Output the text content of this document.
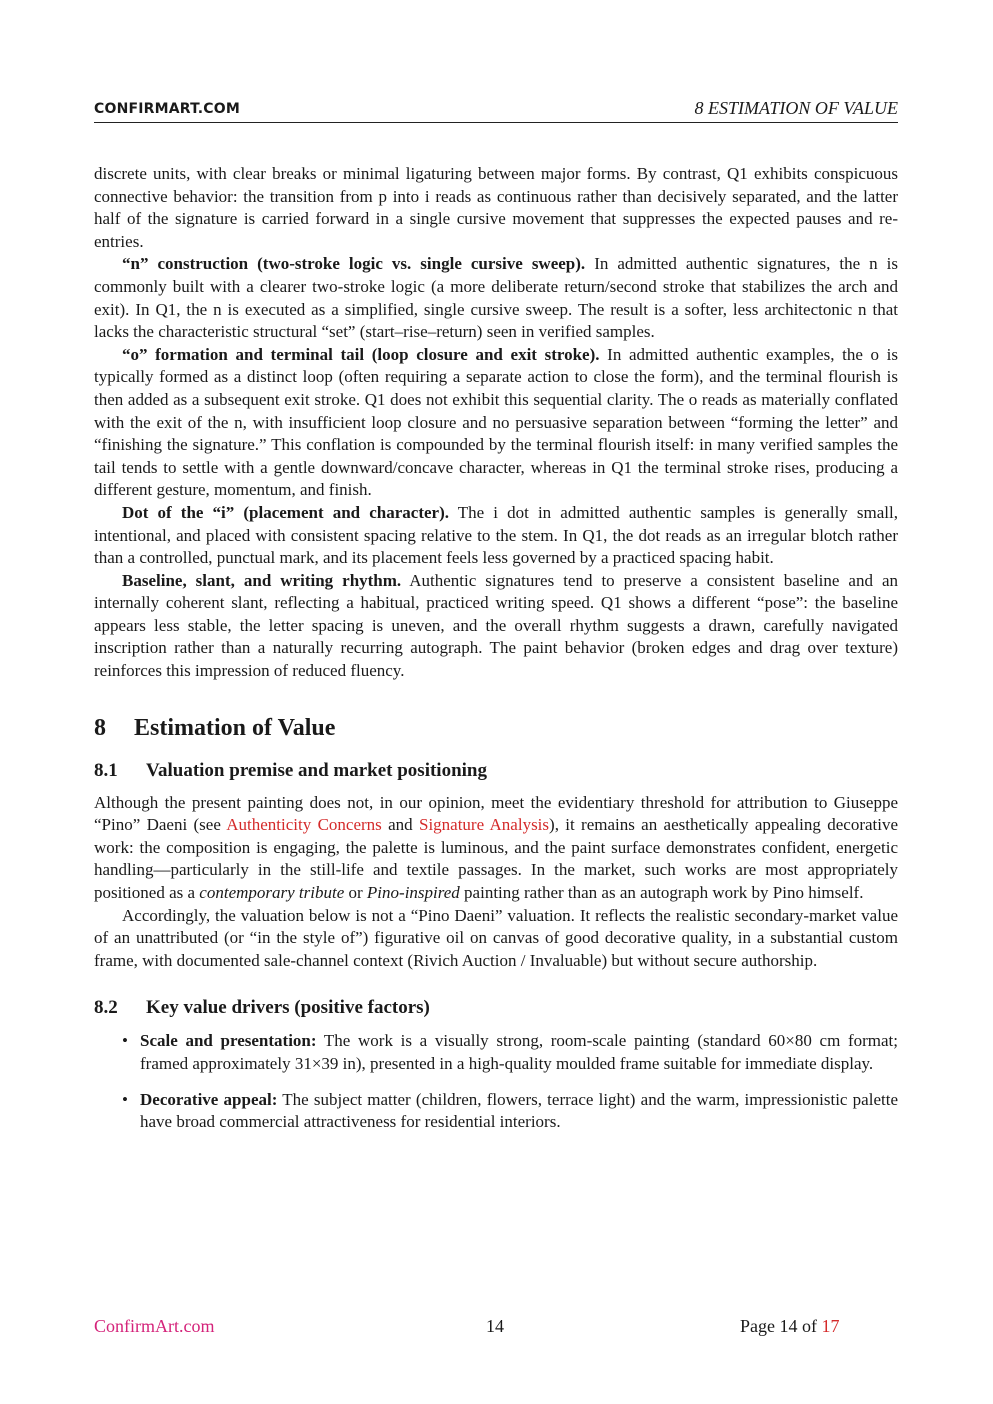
CONFIRMART.COM	8 ESTIMATION OF VALUE

discrete units, with clear breaks or minimal ligaturing between major forms. By contrast, Q1 exhibits conspicuous connective behavior: the transition from p into i reads as continuous rather than decisively separated, and the latter half of the signature is carried forward in a single cursive movement that suppresses the expected pauses and re-entries.

“n” construction (two-stroke logic vs. single cursive sweep). In admitted authentic signatures, the n is commonly built with a clearer two-stroke logic (a more deliberate return/second stroke that stabilizes the arch and exit). In Q1, the n is executed as a simplified, single cursive sweep. The result is a softer, less architectonic n that lacks the characteristic structural “set” (start–rise–return) seen in verified samples.

“o” formation and terminal tail (loop closure and exit stroke). In admitted authentic examples, the o is typically formed as a distinct loop (often requiring a separate action to close the form), and the terminal flourish is then added as a subsequent exit stroke. Q1 does not exhibit this sequential clarity. The o reads as materially conflated with the exit of the n, with insufficient loop closure and no persuasive separation between “forming the letter” and “finishing the signature.” This conflation is compounded by the terminal flourish itself: in many verified samples the tail tends to settle with a gentle downward/concave character, whereas in Q1 the terminal stroke rises, producing a different gesture, momentum, and finish.

Dot of the “i” (placement and character). The i dot in admitted authentic samples is generally small, intentional, and placed with consistent spacing relative to the stem. In Q1, the dot reads as an irregular blotch rather than a controlled, punctual mark, and its placement feels less governed by a practiced spacing habit.

Baseline, slant, and writing rhythm. Authentic signatures tend to preserve a consistent baseline and an internally coherent slant, reflecting a habitual, practiced writing speed. Q1 shows a different “pose”: the baseline appears less stable, the letter spacing is uneven, and the overall rhythm suggests a drawn, carefully navigated inscription rather than a naturally recurring autograph. The paint behavior (broken edges and drag over texture) reinforces this impression of reduced fluency.

8 Estimation of Value
8.1 Valuation premise and market positioning

Although the present painting does not, in our opinion, meet the evidentiary threshold for attribution to Giuseppe “Pino” Daeni (see Authenticity Concerns and Signature Analysis), it remains an aesthetically appealing decorative work: the composition is engaging, the palette is luminous, and the paint surface demonstrates confident, energetic handling—particularly in the still-life and textile passages. In the market, such works are most appropriately positioned as a contemporary tribute or Pino-inspired painting rather than as an autograph work by Pino himself.

Accordingly, the valuation below is not a “Pino Daeni” valuation. It reflects the realistic secondary-market value of an unattributed (or “in the style of”) figurative oil on canvas of good decorative quality, in a substantial custom frame, with documented sale-channel context (Rivich Auction / Invaluable) but without secure authorship.

8.2 Key value drivers (positive factors)
• Scale and presentation: The work is a visually strong, room-scale painting (standard 60×80 cm format; framed approximately 31×39 in), presented in a high-quality moulded frame suitable for immediate display.
• Decorative appeal: The subject matter (children, flowers, terrace light) and the warm, impressionistic palette have broad commercial attractiveness for residential interiors.
ConfirmArt.com	14	Page 14 of 17
